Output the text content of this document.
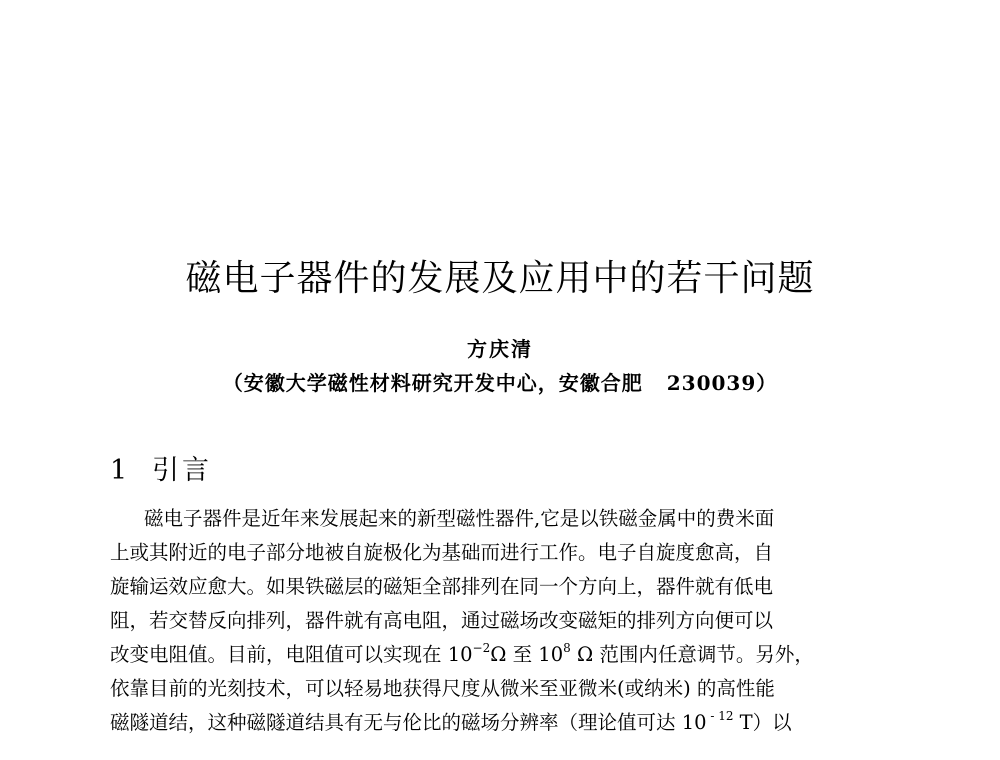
磁电子器件的发展及应用中的若干问题
方庆清
（安徽大学磁性材料研究开发中心，安徽合肥 230039）
1 引言
磁电子器件是近年来发展起来的新型磁性器件,它是以铁磁金属中的费米面
上或其附近的电子部分地被自旋极化为基础而进行工作。电子自旋度愈高，自
旋输运效应愈大。如果铁磁层的磁矩全部排列在同一个方向上，器件就有低电
阻，若交替反向排列，器件就有高电阻，通过磁场改变磁矩的排列方向便可以
改变电阻值。目前，电阻值可以实现在 $10^{-2}\Omega$ 至 $10^8$ Ω 范围内任意调节。另外，
依靠目前的光刻技术，可以轻易地获得尺度从微米至亚微米(或纳米) 的高性能
磁隧道结，这种磁隧道结具有无与伦比的磁场分辨率（理论值可达 10 $^{- 12}$ T）以
